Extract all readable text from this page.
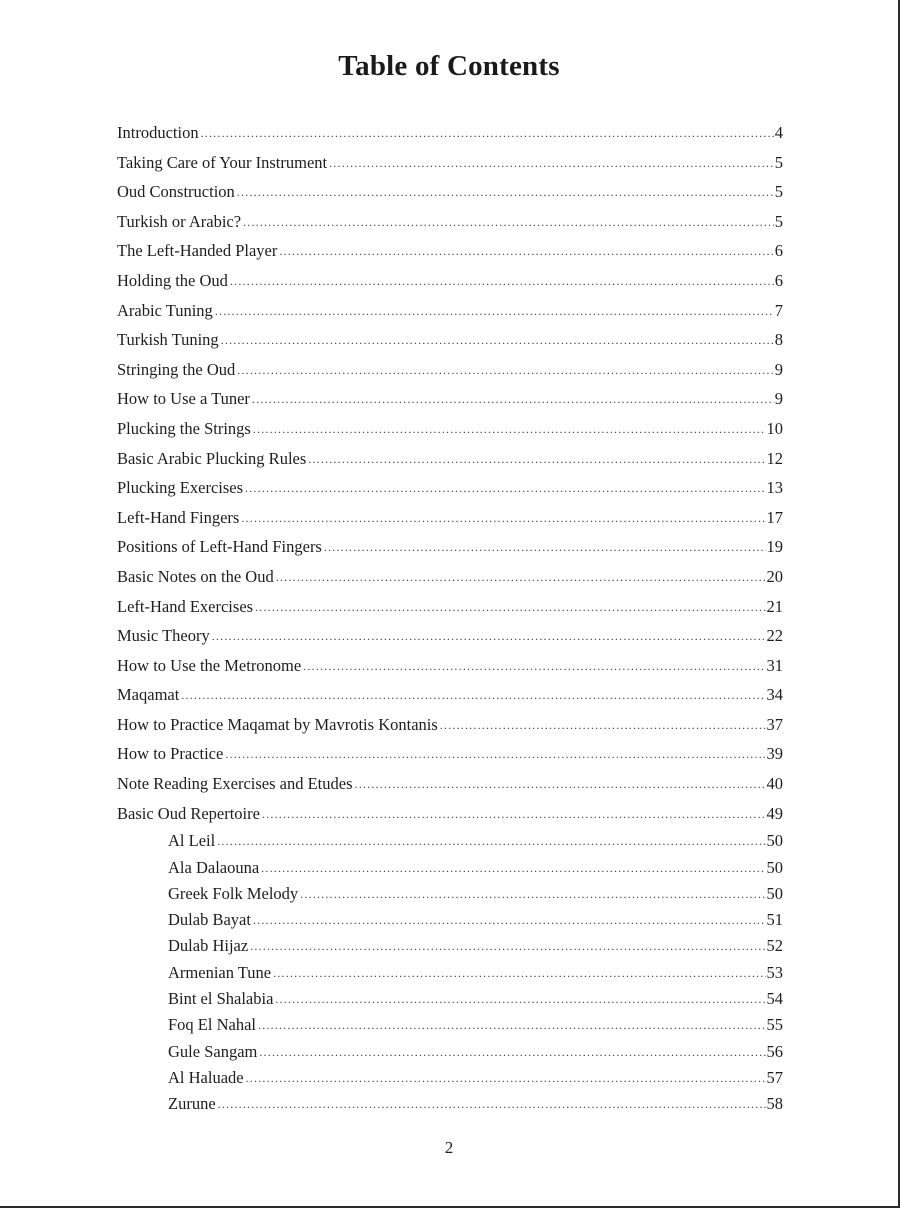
Table of Contents
Introduction .....	4
Taking Care of Your Instrument .....	5
Oud Construction .....	5
Turkish or Arabic? .....	5
The Left-Handed Player .....	6
Holding the Oud .....	6
Arabic Tuning .....	7
Turkish Tuning .....	8
Stringing the Oud .....	9
How to Use a Tuner .....	9
Plucking the Strings .....	10
Basic Arabic Plucking Rules .....	12
Plucking Exercises .....	13
Left-Hand Fingers .....	17
Positions of Left-Hand Fingers .....	19
Basic Notes on the Oud .....	20
Left-Hand Exercises .....	21
Music Theory .....	22
How to Use the Metronome .....	31
Maqamat .....	34
How to Practice Maqamat by Mavrotis Kontanis .....	37
How to Practice .....	39
Note Reading Exercises and Etudes .....	40
Basic Oud Repertoire .....	49
Al Leil .....	50
Ala Dalaouna .....	50
Greek Folk Melody .....	50
Dulab Bayat .....	51
Dulab Hijaz .....	52
Armenian Tune .....	53
Bint el Shalabia .....	54
Foq El Nahal .....	55
Gule Sangam .....	56
Al Haluade .....	57
Zurune .....	58
2
